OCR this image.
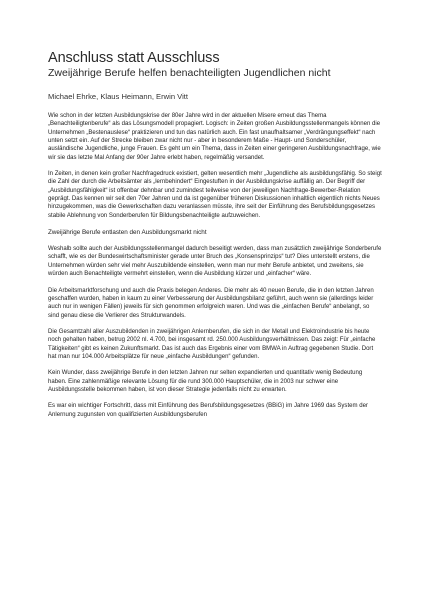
Anschluss statt Ausschluss
Zweijährige Berufe helfen benachteiligten Jugendlichen nicht

Michael Ehrke, Klaus Heimann, Erwin Vitt

Wie schon in der letzten Ausbildungskrise der 80er Jahre wird in der aktuellen Misere erneut das Thema „Benachteiligtenberufe“ als das Lösungsmodell propagiert. Logisch: in Zeiten großen Ausbildungsstellenmangels können die Unternehmen „Bestenauslese“ praktizieren und tun das natürlich auch. Ein fast unaufhaltsamer „Verdrängungseffekt“ nach unten setzt ein. Auf der Strecke bleiben zwar nicht nur - aber in besonderem Maße - Haupt- und Sonderschüler, ausländische Jugendliche, junge Frauen. Es geht um ein Thema, dass in Zeiten einer geringeren Ausbildungsnachfrage, wie wir sie das letzte Mal Anfang der 90er Jahre erlebt haben, regelmäßig versandet.

In Zeiten, in denen kein großer Nachfragedruck existiert, gelten wesentlich mehr „Jugendliche als ausbildungsfähig. So steigt die Zahl der durch die Arbeitsämter als „lernbehindert“ Eingestuften in der Ausbildungskrise auffällig an. Der Begriff der „Ausbildungsfähigkeit“ ist offenbar dehnbar und zumindest teilweise von der jeweiligen Nachfrage-Bewerber-Relation geprägt. Das kennen wir seit den 70er Jahren und da ist gegenüber früheren Diskussionen inhaltlich eigentlich nichts Neues hinzugekommen, was die Gewerkschaften dazu veranlassen müsste, ihre seit der Einführung des Berufsbildungsgesetzes stabile Ablehnung von Sonderberufen für Bildungsbenachteiligte aufzuweichen.

Zweijährige Berufe entlasten den Ausbildungsmarkt nicht

Weshalb sollte auch der Ausbildungsstellenmangel dadurch beseitigt werden, dass man zusätzlich zweijährige Sonderberufe schafft, wie es der Bundeswirtschaftsminister gerade unter Bruch des „Konsensprinzips“ tut? Dies unterstellt erstens, die Unternehmen würden sehr viel mehr Auszubildende einstellen, wenn man nur mehr Berufe anbietet, und zweitens, sie würden auch Benachteiligte vermehrt einstellen, wenn die Ausbildung kürzer und „einfacher“ wäre.

Die Arbeitsmarktforschung und auch die Praxis belegen Anderes. Die mehr als 40 neuen Berufe, die in den letzten Jahren geschaffen wurden, haben in kaum zu einer Verbesserung der Ausbildungsbilanz geführt, auch wenn sie (allerdings leider auch nur in wenigen Fällen) jeweils für sich genommen erfolgreich waren. Und was die „einfachen Berufe“ anbelangt, so sind genau diese die Verlierer des Strukturwandels.

Die Gesamtzahl aller Auszubildenden in zweijährigen Anlernberufen, die sich in der Metall und Elektroindustrie bis heute noch gehalten haben, betrug 2002 nl. 4.700, bei insgesamt rd. 250.000 Ausbildungsverhältnissen. Das zeigt: Für „einfache Tätigkeiten“ gibt es keinen Zukunftsmarkt. Das ist auch das Ergebnis einer vom BMWA in Auftrag gegebenen Studie. Dort hat man nur 104.000 Arbeitsplätze für neue „einfache Ausbildungen“ gefunden.

Kein Wunder, dass zweijährige Berufe in den letzten Jahren nur selten expandierten und quantitativ wenig Bedeutung haben. Eine zahlenmäßige relevante Lösung für die rund 300.000 Hauptschüler, die in 2003 nur schwer eine Ausbildungsstelle bekommen haben, ist von dieser Strategie jedenfalls nicht zu erwarten.

Es war ein wichtiger Fortschritt, dass mit Einführung des Berufsbildungsgesetzes (BBiG) im Jahre 1969 das System der Anlernung zugunsten von qualifizierten Ausbildungsberufen
